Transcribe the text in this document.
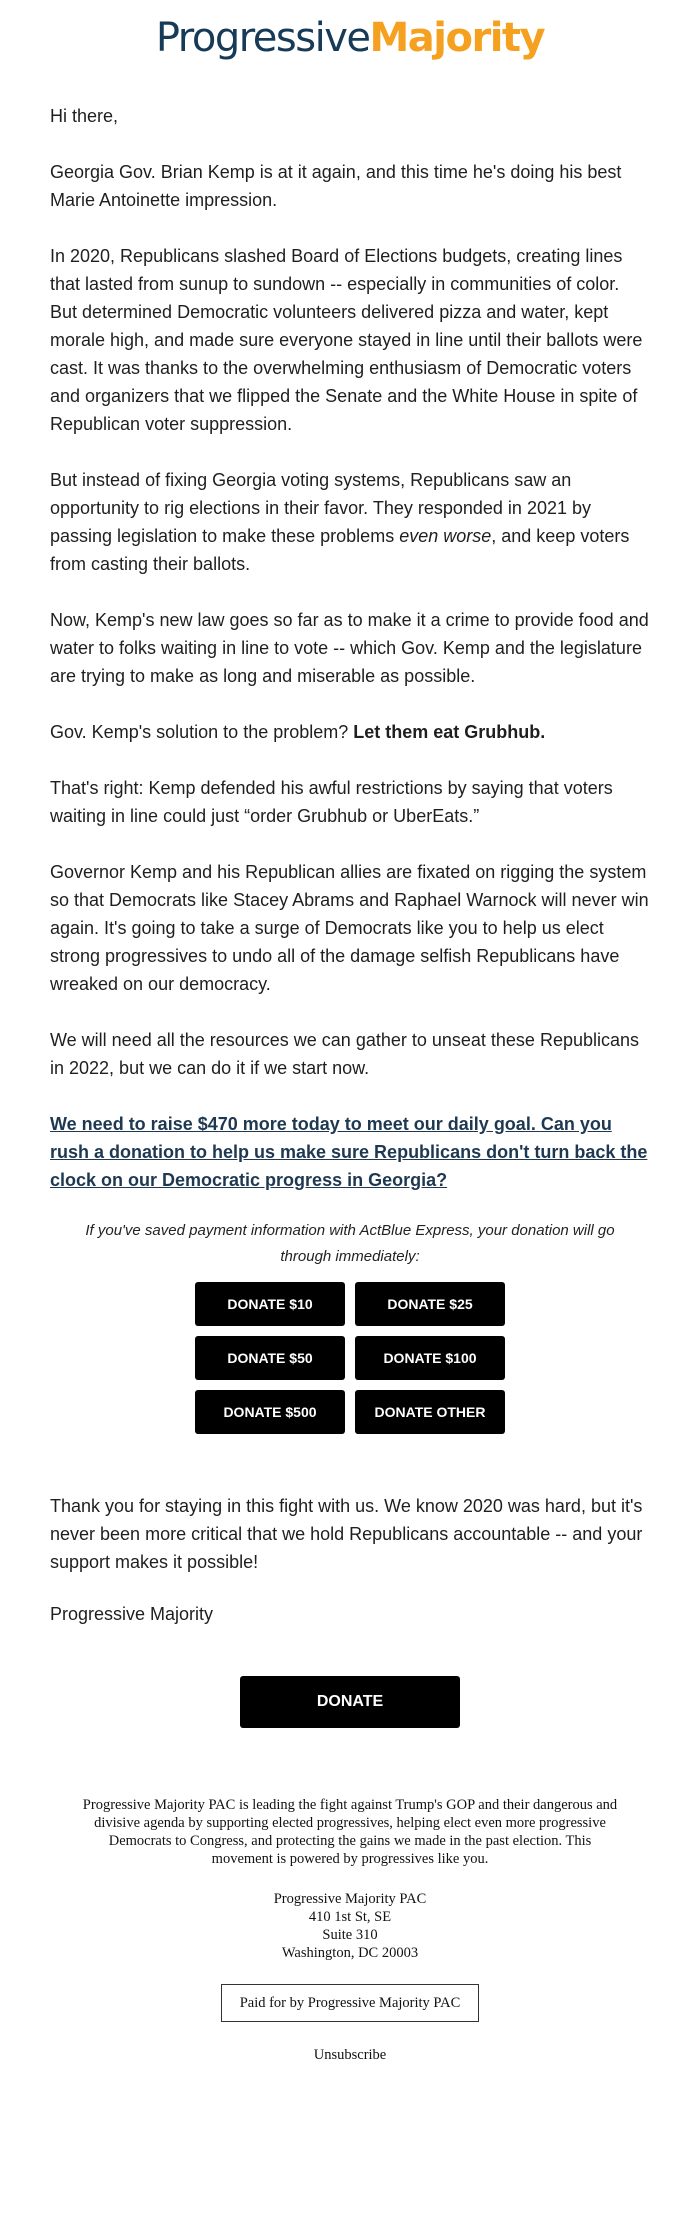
ProgressiveMajority

Hi there,

Georgia Gov. Brian Kemp is at it again, and this time he's doing his best Marie Antoinette impression.

In 2020, Republicans slashed Board of Elections budgets, creating lines that lasted from sunup to sundown -- especially in communities of color. But determined Democratic volunteers delivered pizza and water, kept morale high, and made sure everyone stayed in line until their ballots were cast. It was thanks to the overwhelming enthusiasm of Democratic voters and organizers that we flipped the Senate and the White House in spite of Republican voter suppression.

But instead of fixing Georgia voting systems, Republicans saw an opportunity to rig elections in their favor. They responded in 2021 by passing legislation to make these problems even worse, and keep voters from casting their ballots.

Now, Kemp's new law goes so far as to make it a crime to provide food and water to folks waiting in line to vote -- which Gov. Kemp and the legislature are trying to make as long and miserable as possible.

Gov. Kemp's solution to the problem? Let them eat Grubhub.

That's right: Kemp defended his awful restrictions by saying that voters waiting in line could just “order Grubhub or UberEats.”

Governor Kemp and his Republican allies are fixated on rigging the system so that Democrats like Stacey Abrams and Raphael Warnock will never win again. It's going to take a surge of Democrats like you to help us elect strong progressives to undo all of the damage selfish Republicans have wreaked on our democracy.

We will need all the resources we can gather to unseat these Republicans in 2022, but we can do it if we start now.

We need to raise $470 more today to meet our daily goal. Can you rush a donation to help us make sure Republicans don't turn back the clock on our Democratic progress in Georgia?

If you've saved payment information with ActBlue Express, your donation will go through immediately:
DONATE $10	DONATE $25
DONATE $50	DONATE $100
DONATE $500	DONATE OTHER

Thank you for staying in this fight with us. We know 2020 was hard, but it's never been more critical that we hold Republicans accountable -- and your support makes it possible!

Progressive Majority

DONATE
Progressive Majority PAC is leading the fight against Trump's GOP and their dangerous and divisive agenda by supporting elected progressives, helping elect even more progressive Democrats to Congress, and protecting the gains we made in the past election. This movement is powered by progressives like you.
Progressive Majority PAC
410 1st St, SE
Suite 310
Washington, DC 20003
Paid for by Progressive Majority PAC
Unsubscribe
